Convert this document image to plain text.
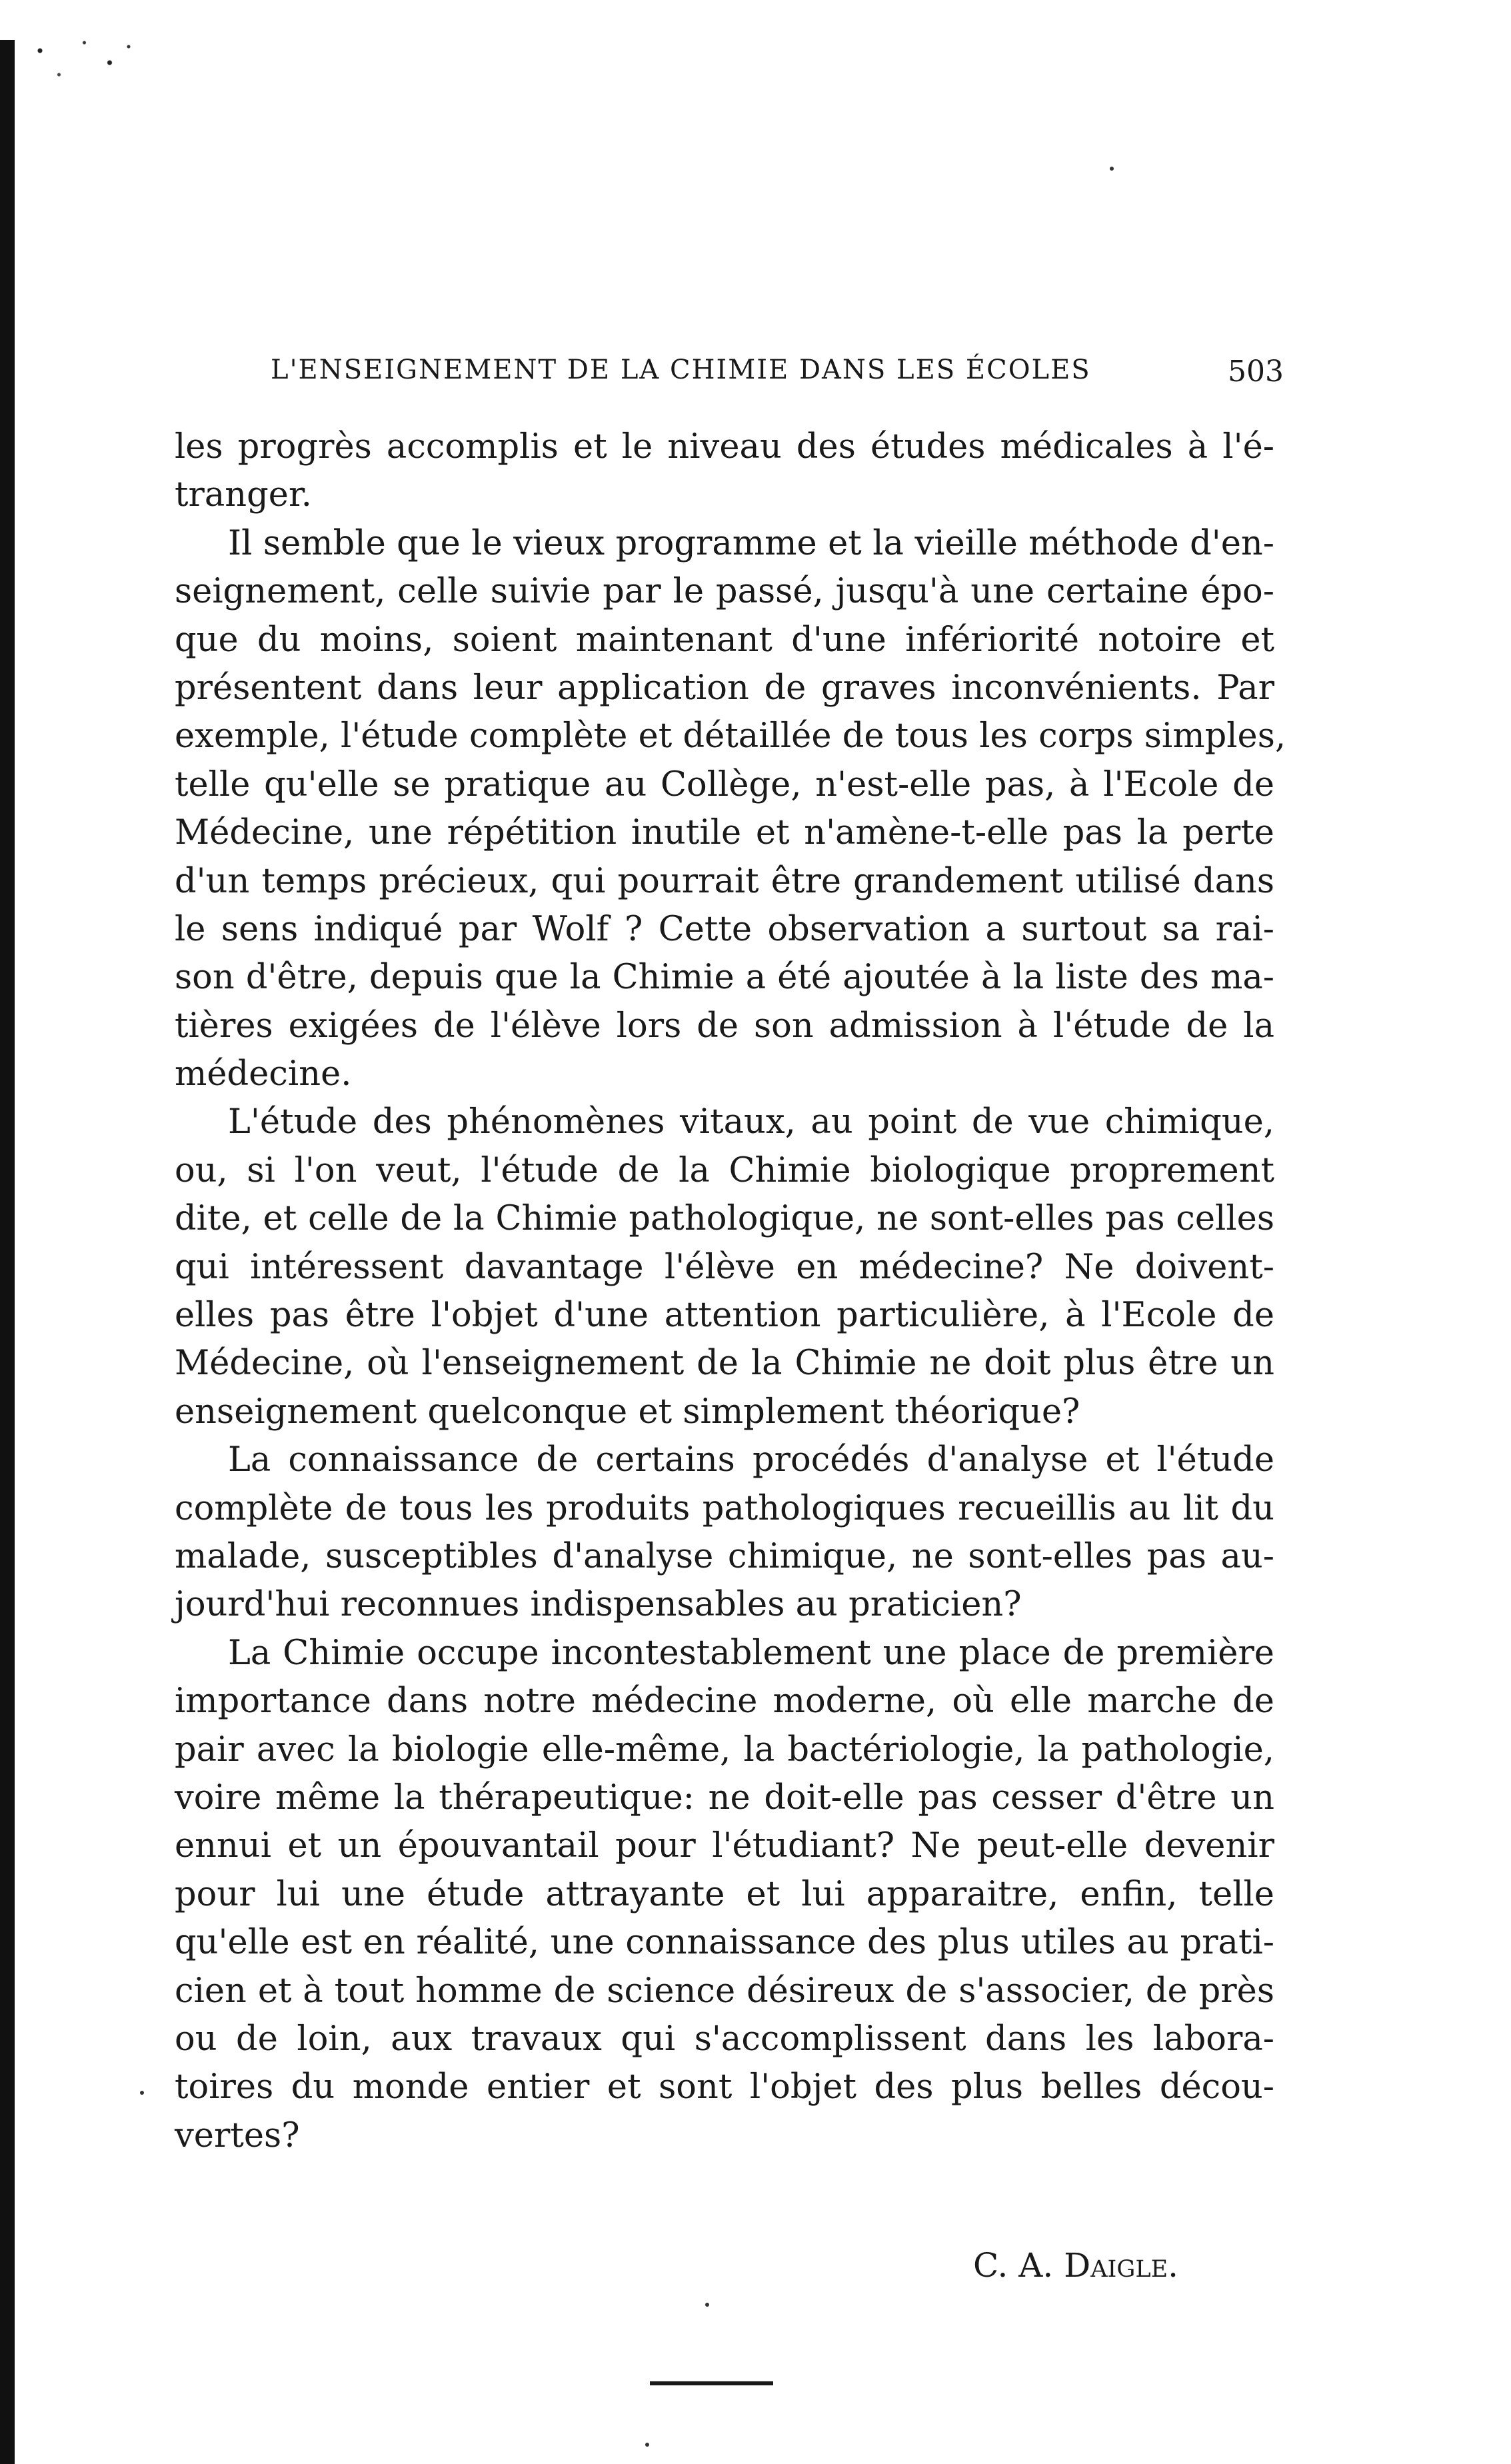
L'ENSEIGNEMENT DE LA CHIMIE DANS LES ÉCOLES	503
les progrès accomplis et le niveau des études médicales à l'é-
tranger.
Il semble que le vieux programme et la vieille méthode d'en-
seignement, celle suivie par le passé, jusqu'à une certaine épo-
que du moins, soient maintenant d'une infériorité notoire et
présentent dans leur application de graves inconvénients. Par
exemple, l'étude complète et détaillée de tous les corps simples,
telle qu'elle se pratique au Collège, n'est-elle pas, à l'Ecole de
Médecine, une répétition inutile et n'amène-t-elle pas la perte
d'un temps précieux, qui pourrait être grandement utilisé dans
le sens indiqué par Wolf ? Cette observation a surtout sa rai-
son d'être, depuis que la Chimie a été ajoutée à la liste des ma-
tières exigées de l'élève lors de son admission à l'étude de la
médecine.
L'étude des phénomènes vitaux, au point de vue chimique,
ou, si l'on veut, l'étude de la Chimie biologique proprement
dite, et celle de la Chimie pathologique, ne sont-elles pas celles
qui intéressent davantage l'élève en médecine? Ne doivent-
elles pas être l'objet d'une attention particulière, à l'Ecole de
Médecine, où l'enseignement de la Chimie ne doit plus être un
enseignement quelconque et simplement théorique?
La connaissance de certains procédés d'analyse et l'étude
complète de tous les produits pathologiques recueillis au lit du
malade, susceptibles d'analyse chimique, ne sont-elles pas au-
jourd'hui reconnues indispensables au praticien?
La Chimie occupe incontestablement une place de première
importance dans notre médecine moderne, où elle marche de
pair avec la biologie elle-même, la bactériologie, la pathologie,
voire même la thérapeutique: ne doit-elle pas cesser d'être un
ennui et un épouvantail pour l'étudiant? Ne peut-elle devenir
pour lui une étude attrayante et lui apparaitre, enfin, telle
qu'elle est en réalité, une connaissance des plus utiles au prati-
cien et à tout homme de science désireux de s'associer, de près
ou de loin, aux travaux qui s'accomplissent dans les labora-
toires du monde entier et sont l'objet des plus belles décou-
vertes?
C. A. Daigle.
